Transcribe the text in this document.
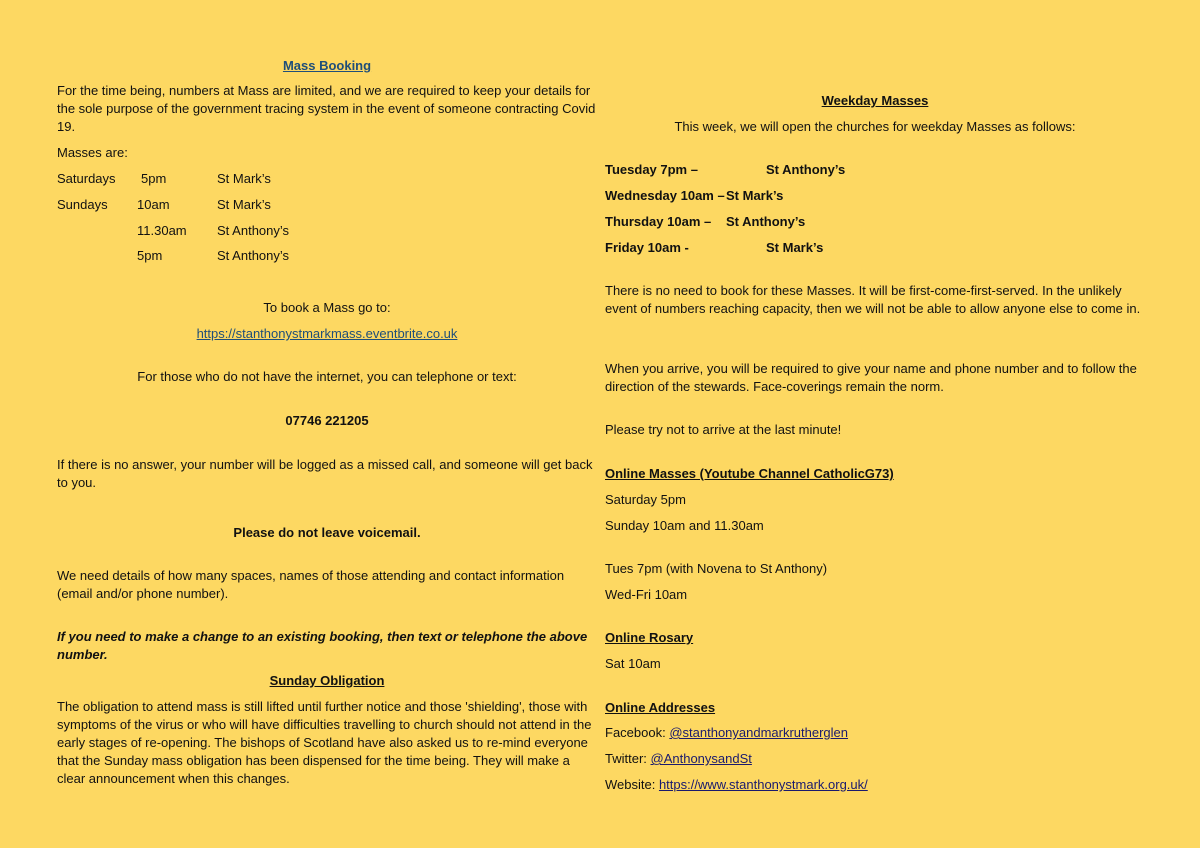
Mass Booking
For the time being, numbers at Mass are limited, and we are required to keep your details for the sole purpose of the government tracing system in the event of someone contracting Covid 19.
Masses are:
Saturdays 5pm	St Mark’s
Sundays 10am	St Mark’s
11.30am St Anthony’s
5pm	St Anthony’s
To book a Mass go to:
https://stanthonystmarkmass.eventbrite.co.uk
For those who do not have the internet, you can telephone or text:
07746 221205
If there is no answer, your number will be logged as a missed call, and someone will get back to you.
Please do not leave voicemail.
We need details of how many spaces, names of those attending and contact information (email and/or phone number).
If you need to make a change to an existing booking, then text or telephone the above number.
Sunday Obligation
The obligation to attend mass is still lifted until further notice and those 'shielding', those with symptoms of the virus or who will have difficulties travelling to church should not attend in the early stages of re-opening. The bishops of Scotland have also asked us to re-mind everyone that the Sunday mass obligation has been dispensed for the time being. They will make a clear announcement when this changes.
Weekday Masses
This week, we will open the churches for weekday Masses as follows:
Tuesday 7pm –	St Anthony’s
Wednesday 10am – St Mark’s
Thursday 10am – St Anthony’s
Friday 10am -	St Mark’s
There is no need to book for these Masses. It will be first-come-first-served. In the unlikely event of numbers reaching capacity, then we will not be able to allow anyone else to come in.
When you arrive, you will be required to give your name and phone number and to follow the direction of the stewards. Face-coverings remain the norm.
Please try not to arrive at the last minute!
Online Masses (Youtube Channel CatholicG73)
Saturday 5pm
Sunday 10am and 11.30am
Tues 7pm (with Novena to St Anthony)
Wed-Fri 10am
Online Rosary
Sat 10am
Online Addresses
Facebook: @stanthonyandmarkrutherglen
Twitter: @AnthonysandSt
Website: https://www.stanthonystmark.org.uk/
